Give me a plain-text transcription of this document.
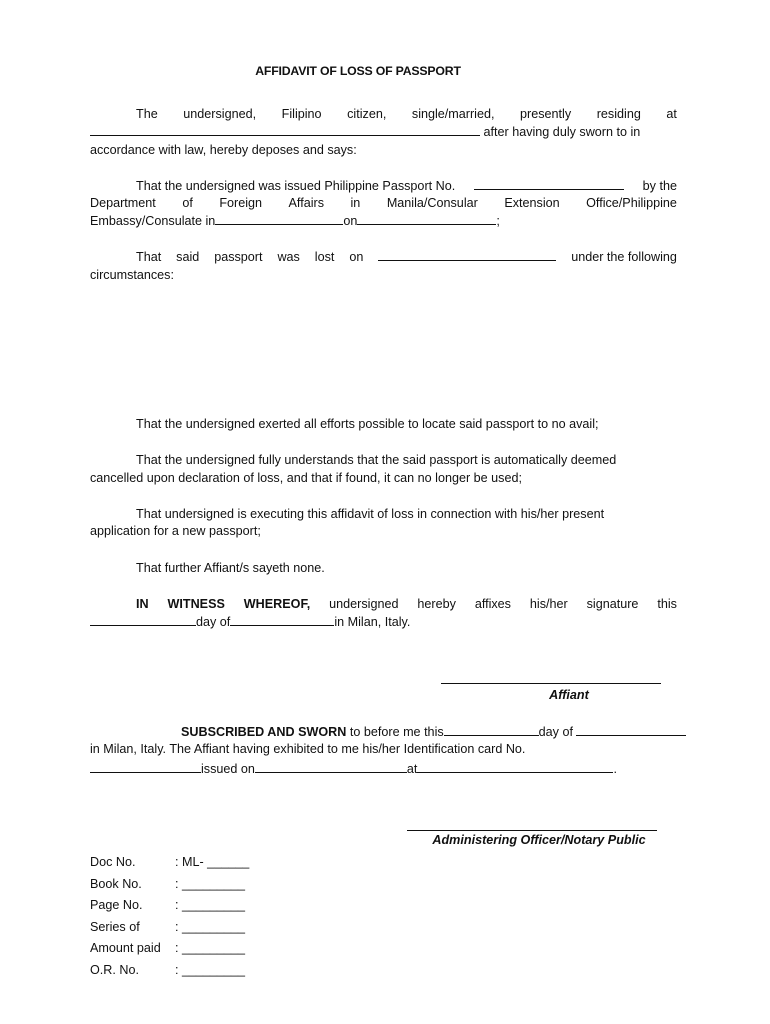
AFFIDAVIT OF LOSS OF PASSPORT
The undersigned, Filipino citizen, single/married, presently residing at
after having duly sworn to in
accordance with law, hereby deposes and says:
That the undersigned was issued Philippine Passport No.	by the
Department of Foreign Affairs in Manila/Consular Extension Office/Philippine
Embassy/Consulate in	on	;
That said passport was lost on	under the following
circumstances:
That the undersigned exerted all efforts possible to locate said passport to no avail;
That the undersigned fully understands that the said passport is automatically deemed
cancelled upon declaration of loss, and that if found, it can no longer be used;
That undersigned is executing this affidavit of loss in connection with his/her present
application for a new passport;
That further Affiant/s sayeth none.
IN WITNESS WHEREOF, undersigned hereby affixes his/her signature this
day of	in Milan, Italy.
Affiant
SUBSCRIBED AND SWORN to before me this	day of
in Milan, Italy. The Affiant having exhibited to me his/her Identification card No.
issued on	at	.
Administering Officer/Notary Public
Doc No.	: ML- ______
Book No.	: _________
Page No.	: _________
Series of	: _________
Amount paid : _________
O.R. No.	: _________
